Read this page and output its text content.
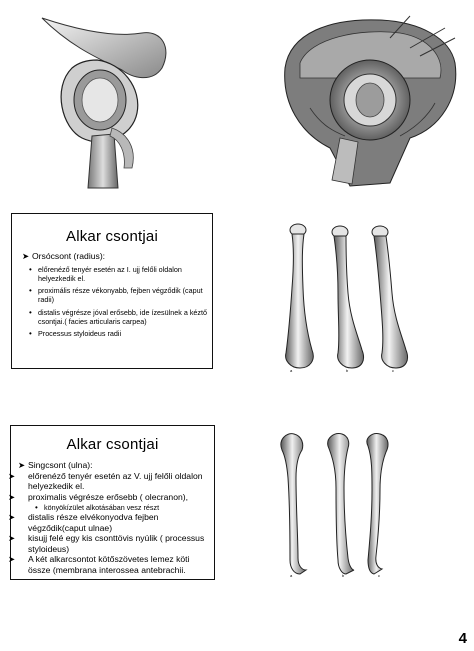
Alkar csontjai
➤ Orsócsont (radius):
• előrenéző tenyér esetén az I. ujj felőli oldalon helyezkedik el.
• proximális része vékonyabb, fejben végződik (caput radii)
• distalis végrésze jóval erősebb, ide ízesülnek a kéztő csontjai.( facies articularis carpea)
• Processus styloideus radii
a	b	c
Alkar csontjai
➤ Singcsont (ulna):
➤ előrenéző tenyér esetén az V. ujj felőli oldalon helyezkedik el.
➤ proximalis végrésze erősebb ( olecranon),
• könyökízület alkotásában vesz részt
➤ distalis része elvékonyodva fejben végződik(caput ulnae)
➤ kisujj felé egy kis csonttövis nyúlik ( processus styloideus)
➤ A két alkarcsontot kötőszövetes lemez köti össze (membrana interossea antebrachii.
a	b	c
4
